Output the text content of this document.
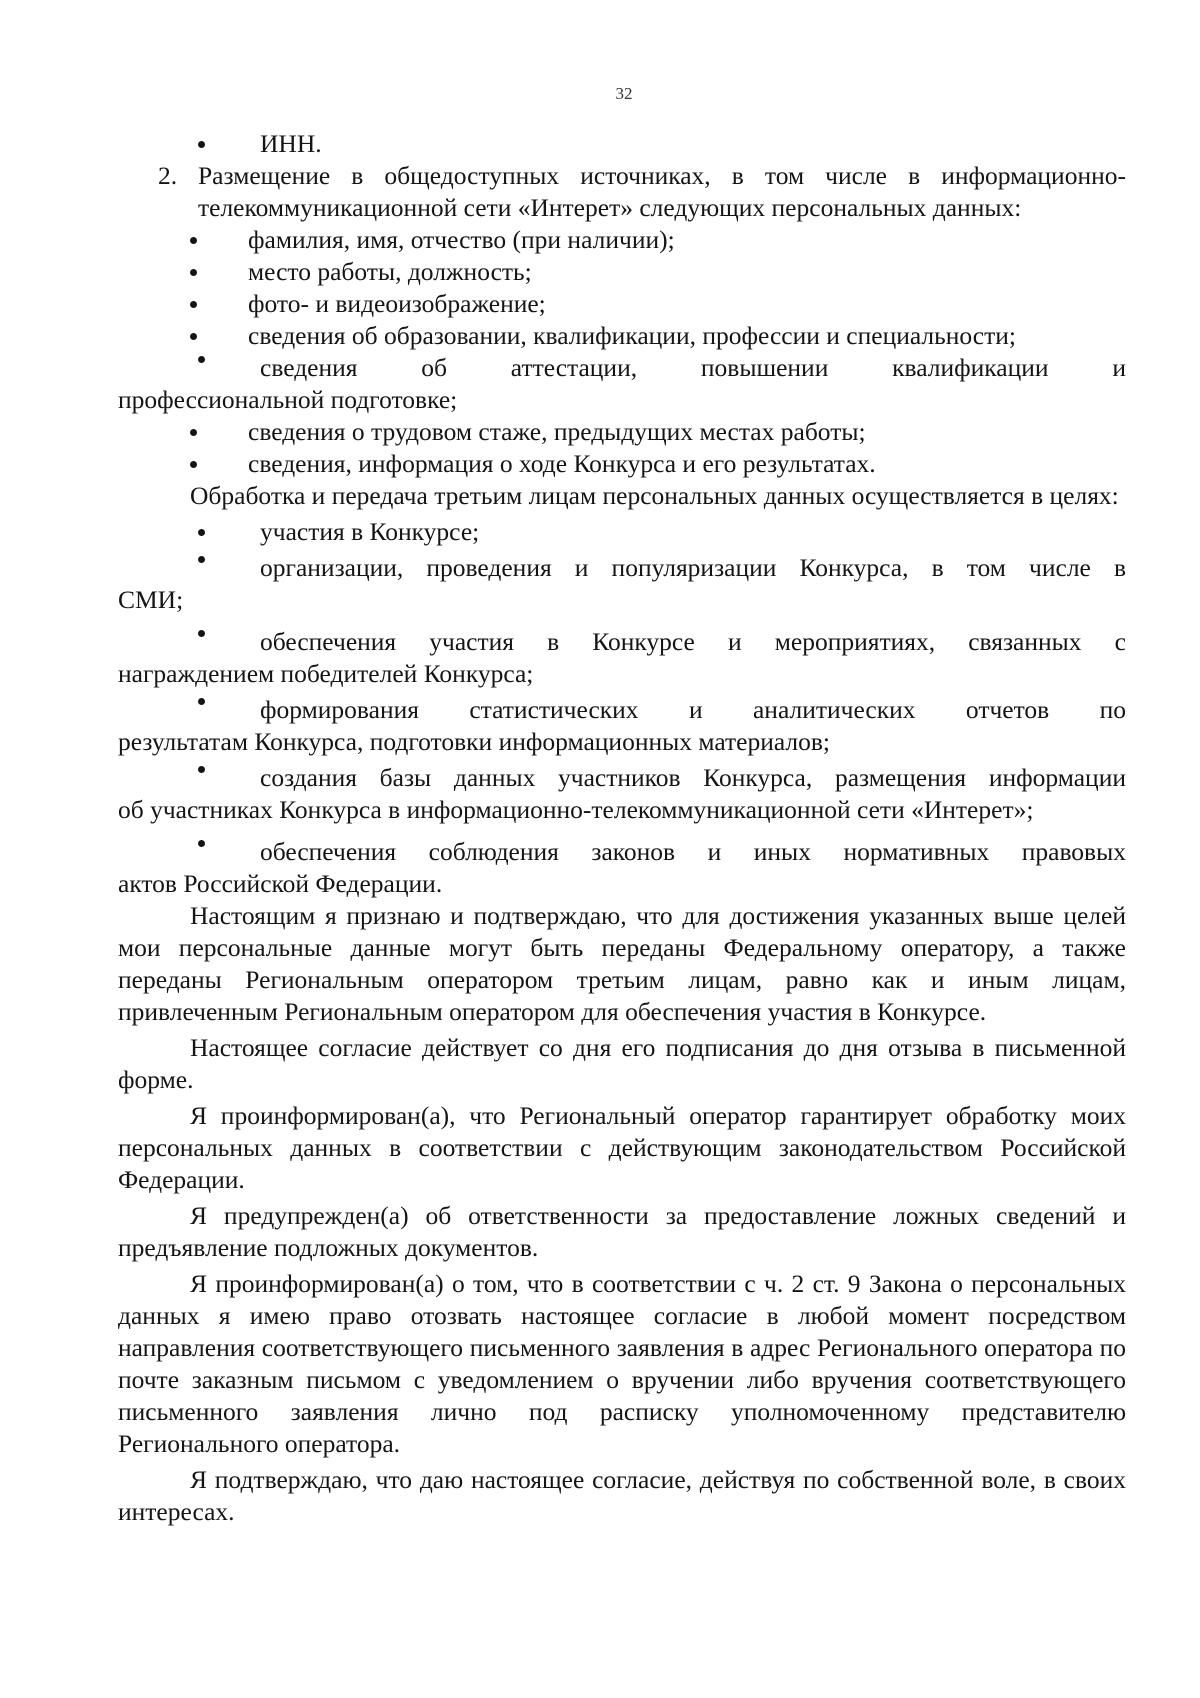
32
ИНН.
2. Размещение в общедоступных источниках, в том числе в информационно-телекоммуникационной сети «Интерет» следующих персональных данных:
фамилия, имя, отчество (при наличии);
место работы, должность;
фото- и видеоизображение;
сведения об образовании, квалификации, профессии и специальности;
сведения об аттестации, повышении квалификации и
профессиональной подготовке;
сведения о трудовом стаже, предыдущих местах работы;
сведения, информация о ходе Конкурса и его результатах.
Обработка и передача третьим лицам персональных данных осуществляется в целях:
участия в Конкурсе;
организации, проведения и популяризации Конкурса, в том числе в
СМИ;
обеспечения участия в Конкурсе и мероприятиях, связанных с
награждением победителей Конкурса;
формирования статистических и аналитических отчетов по
результатам Конкурса, подготовки информационных материалов;
создания базы данных участников Конкурса, размещения информации
об участниках Конкурса в информационно-телекоммуникационной сети «Интерет»;
обеспечения соблюдения законов и иных нормативных правовых
актов Российской Федерации.
Настоящим я признаю и подтверждаю, что для достижения указанных выше целей мои персональные данные могут быть переданы Федеральному оператору, а также переданы Региональным оператором третьим лицам, равно как и иным лицам, привлеченным Региональным оператором для обеспечения участия в Конкурсе.
Настоящее согласие действует со дня его подписания до дня отзыва в письменной форме.
Я проинформирован(а), что Региональный оператор гарантирует обработку моих персональных данных в соответствии с действующим законодательством Российской Федерации.
Я предупрежден(а) об ответственности за предоставление ложных сведений и предъявление подложных документов.
Я проинформирован(а) о том, что в соответствии с ч. 2 ст. 9 Закона о персональных данных я имею право отозвать настоящее согласие в любой момент посредством направления соответствующего письменного заявления в адрес Регионального оператора по почте заказным письмом с уведомлением о вручении либо вручения соответствующего письменного заявления лично под расписку уполномоченному представителю Регионального оператора.
Я подтверждаю, что даю настоящее согласие, действуя по собственной воле, в своих интересах.
